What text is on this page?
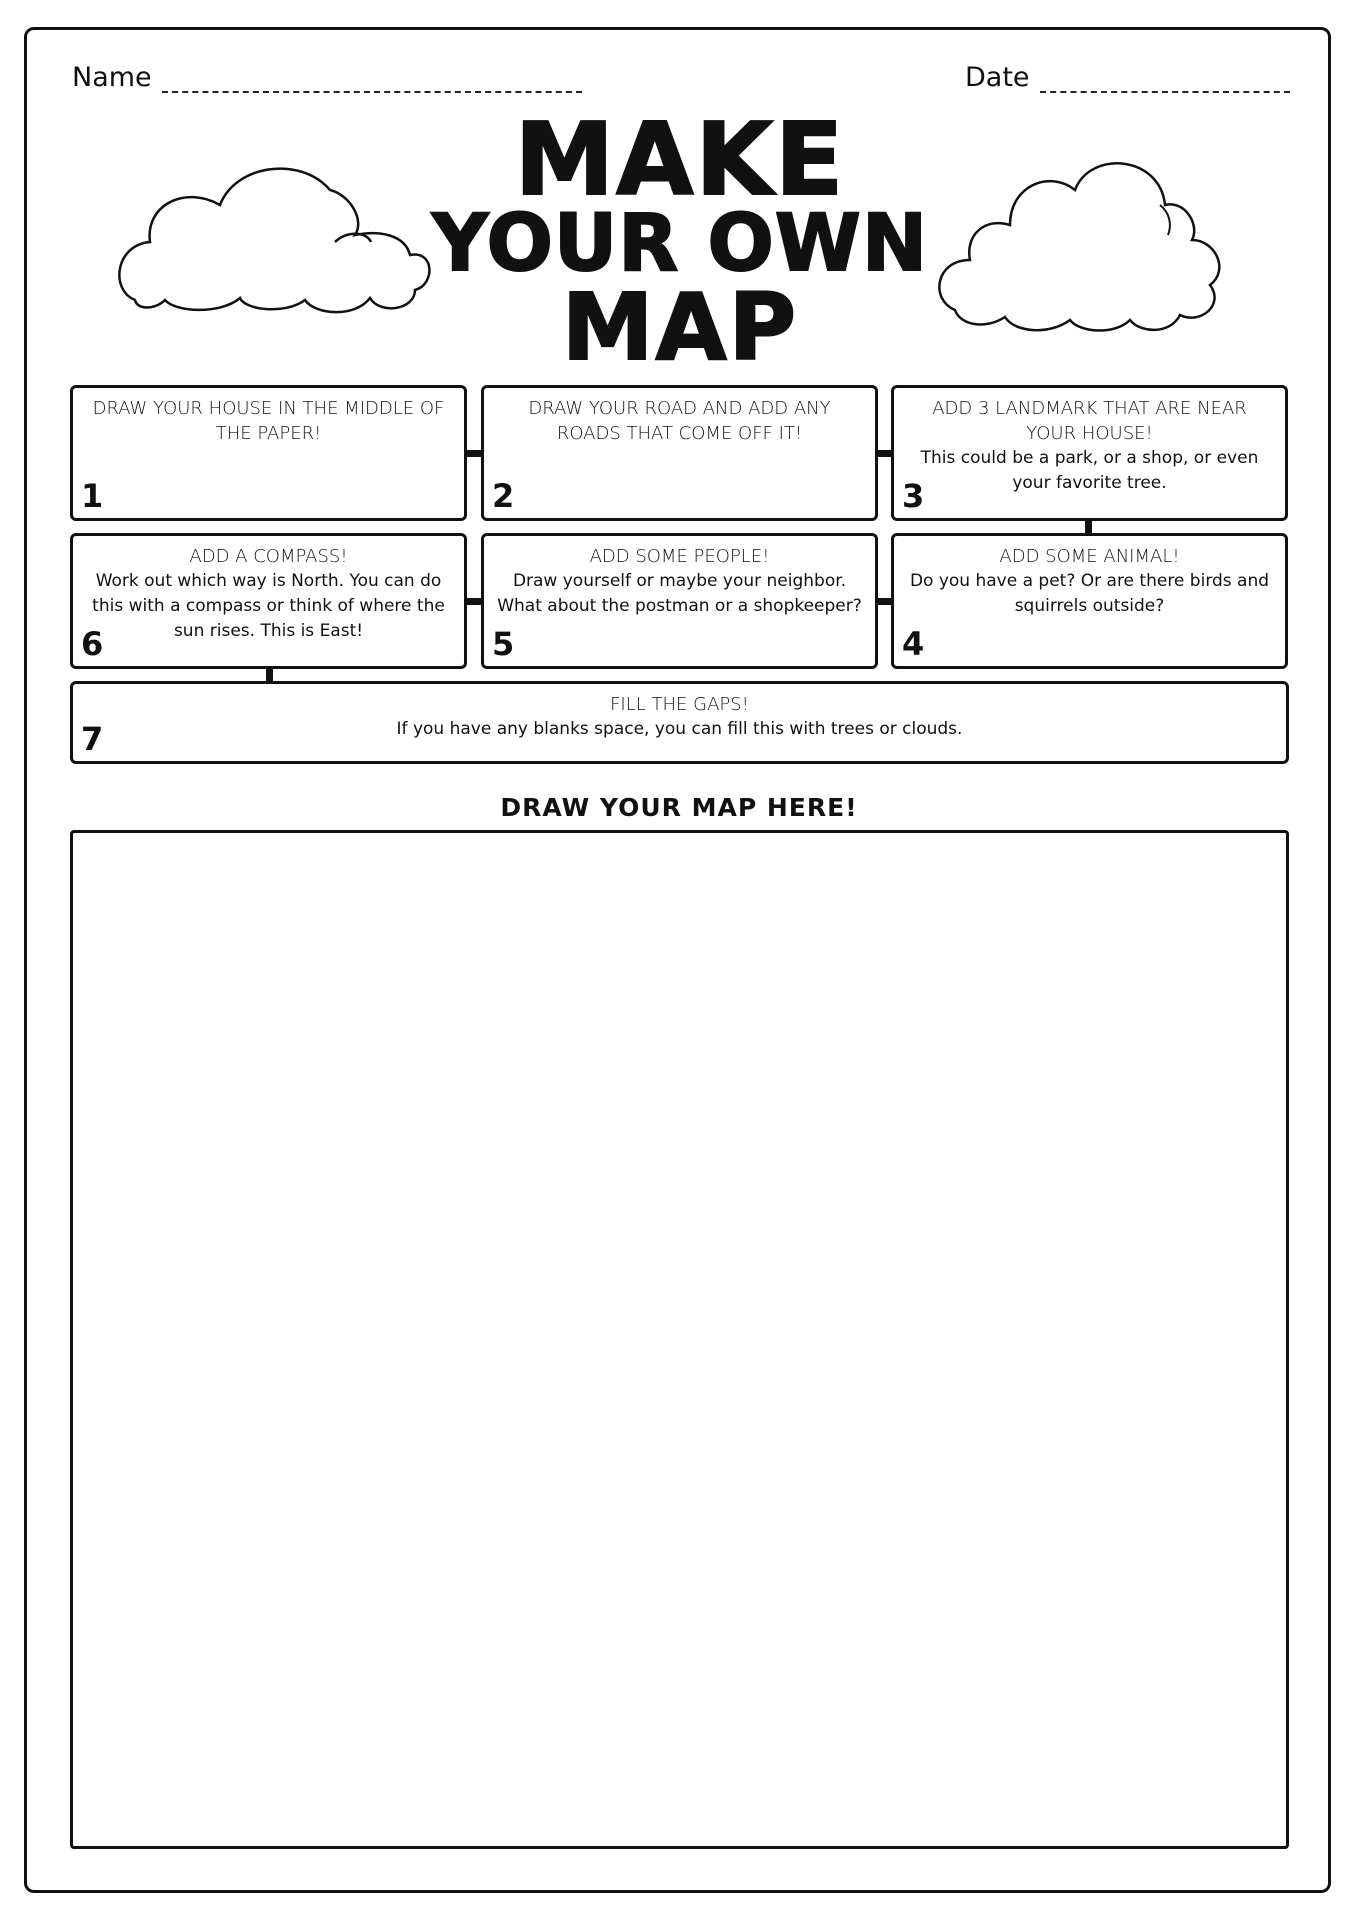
Name	Date
MAKE
YOUR OWN
MAP
DRAW YOUR HOUSE IN THE MIDDLE OF THE PAPER!
1
DRAW YOUR ROAD AND ADD ANY ROADS THAT COME OFF IT!
2
ADD 3 LANDMARK THAT ARE NEAR YOUR HOUSE!
This could be a park, or a shop, or even your favorite tree.
3
ADD A COMPASS!
Work out which way is North. You can do this with a compass or think of where the sun rises. This is East!
6
ADD SOME PEOPLE!
Draw yourself or maybe your neighbor. What about the postman or a shopkeeper?
5
ADD SOME ANIMAL!
Do you have a pet? Or are there birds and squirrels outside?
4
FILL THE GAPS!
If you have any blanks space, you can fill this with trees or clouds.
7
DRAW YOUR MAP HERE!
